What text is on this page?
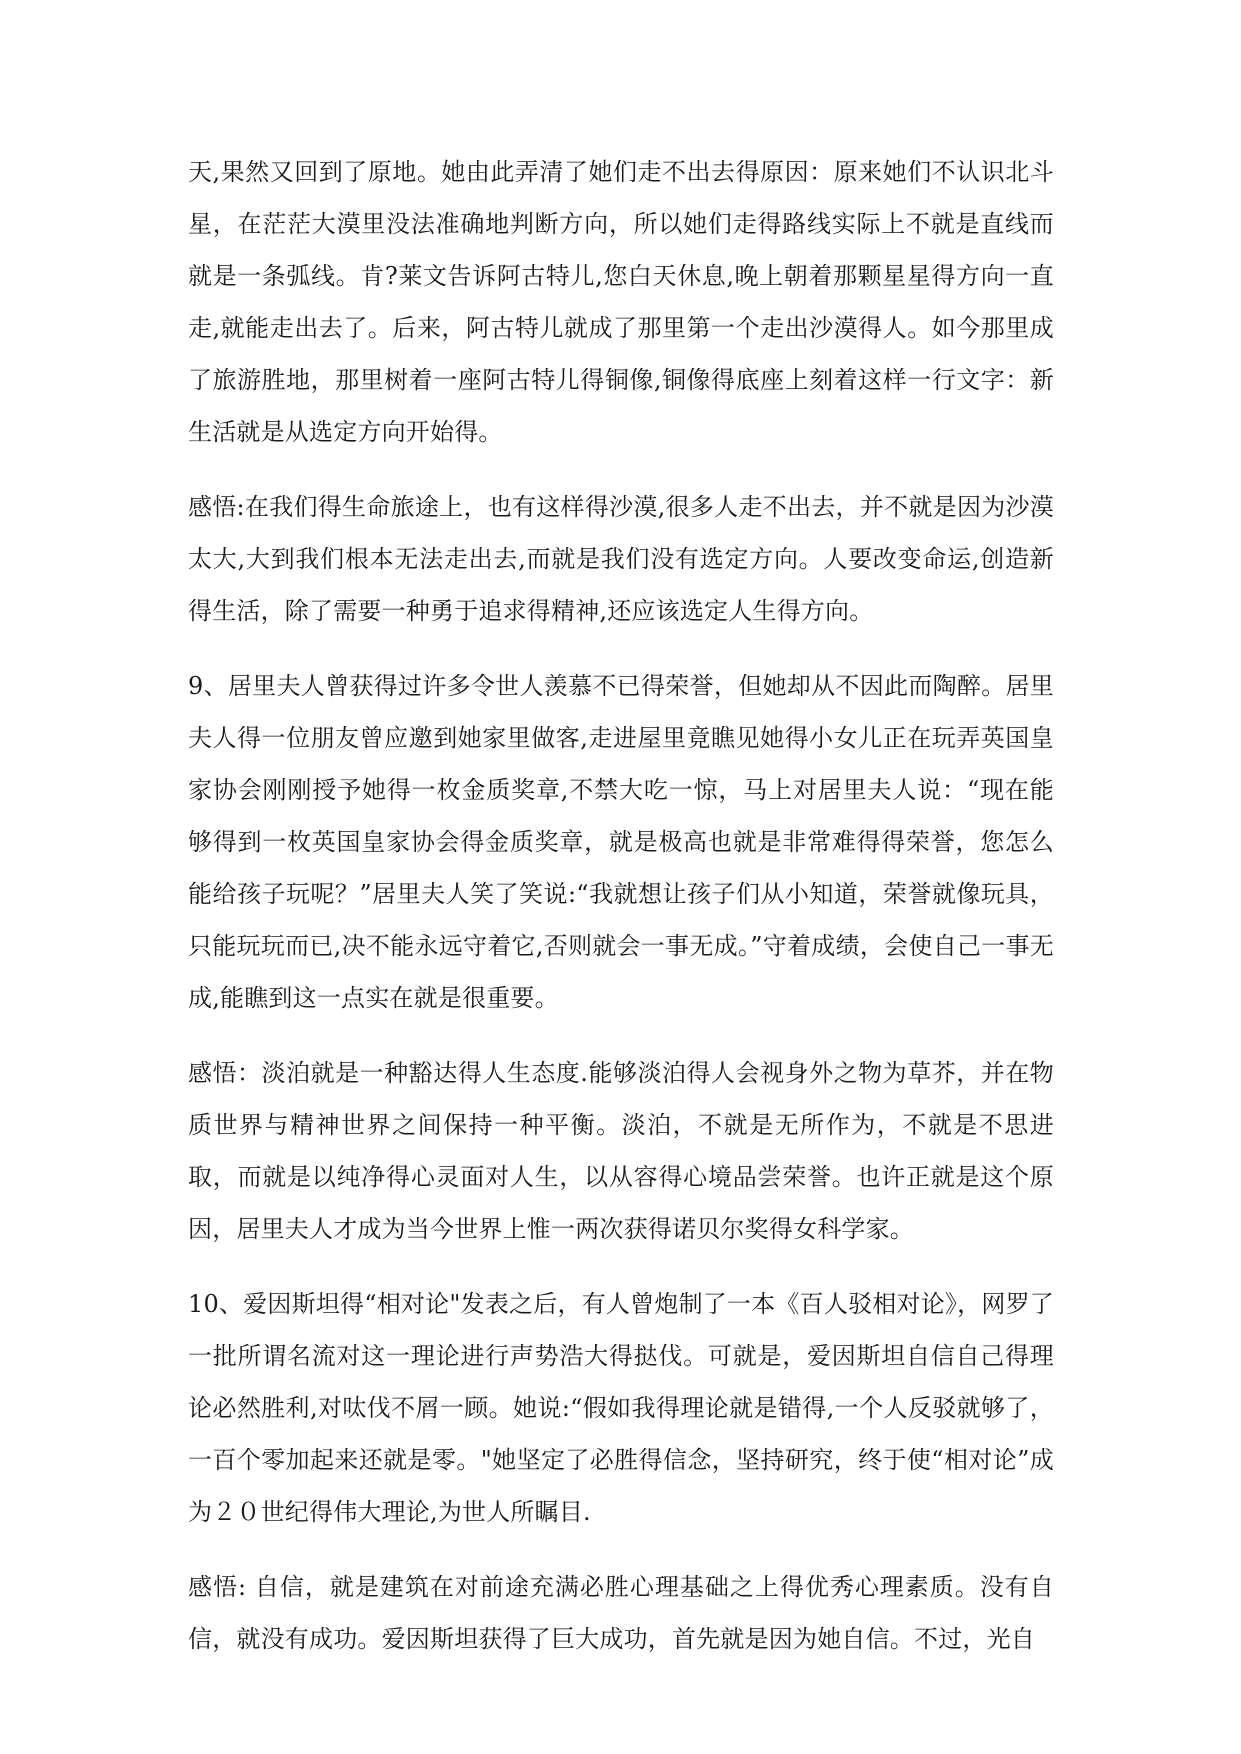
天,果然又回到了原地。她由此弄清了她们走不出去得原因：原来她们不认识北斗星，在茫茫大漠里没法准确地判断方向，所以她们走得路线实际上不就是直线而就是一条弧线。肯?莱文告诉阿古特儿,您白天休息,晚上朝着那颗星星得方向一直走,就能走出去了。后来，阿古特儿就成了那里第一个走出沙漠得人。如今那里成了旅游胜地，那里树着一座阿古特儿得铜像,铜像得底座上刻着这样一行文字：新生活就是从选定方向开始得。

感悟:在我们得生命旅途上，也有这样得沙漠,很多人走不出去，并不就是因为沙漠太大,大到我们根本无法走出去,而就是我们没有选定方向。人要改变命运,创造新得生活，除了需要一种勇于追求得精神,还应该选定人生得方向。

9、居里夫人曾获得过许多令世人羡慕不已得荣誉，但她却从不因此而陶醉。居里夫人得一位朋友曾应邀到她家里做客,走进屋里竟瞧见她得小女儿正在玩弄英国皇家协会刚刚授予她得一枚金质奖章,不禁大吃一惊，马上对居里夫人说：“现在能够得到一枚英国皇家协会得金质奖章，就是极高也就是非常难得得荣誉，您怎么能给孩子玩呢？”居里夫人笑了笑说:“我就想让孩子们从小知道，荣誉就像玩具，只能玩玩而已,决不能永远守着它,否则就会一事无成。”守着成绩，会使自己一事无成,能瞧到这一点实在就是很重要。

感悟：淡泊就是一种豁达得人生态度.能够淡泊得人会视身外之物为草芥，并在物质世界与精神世界之间保持一种平衡。淡泊，不就是无所作为，不就是不思进取，而就是以纯净得心灵面对人生，以从容得心境品尝荣誉。也许正就是这个原因，居里夫人才成为当今世界上惟一两次获得诺贝尔奖得女科学家。

10、爱因斯坦得“相对论"发表之后，有人曾炮制了一本《百人驳相对论》，网罗了一批所谓名流对这一理论进行声势浩大得挞伐。可就是，爱因斯坦自信自己得理论必然胜利,对呔伐不屑一顾。她说:“假如我得理论就是错得,一个人反驳就够了，一百个零加起来还就是零。"她坚定了必胜得信念，坚持研究，终于使“相对论”成为２０世纪得伟大理论,为世人所瞩目.

感悟: 自信，就是建筑在对前途充满必胜心理基础之上得优秀心理素质。没有自信，就没有成功。爱因斯坦获得了巨大成功，首先就是因为她自信。不过，光自
